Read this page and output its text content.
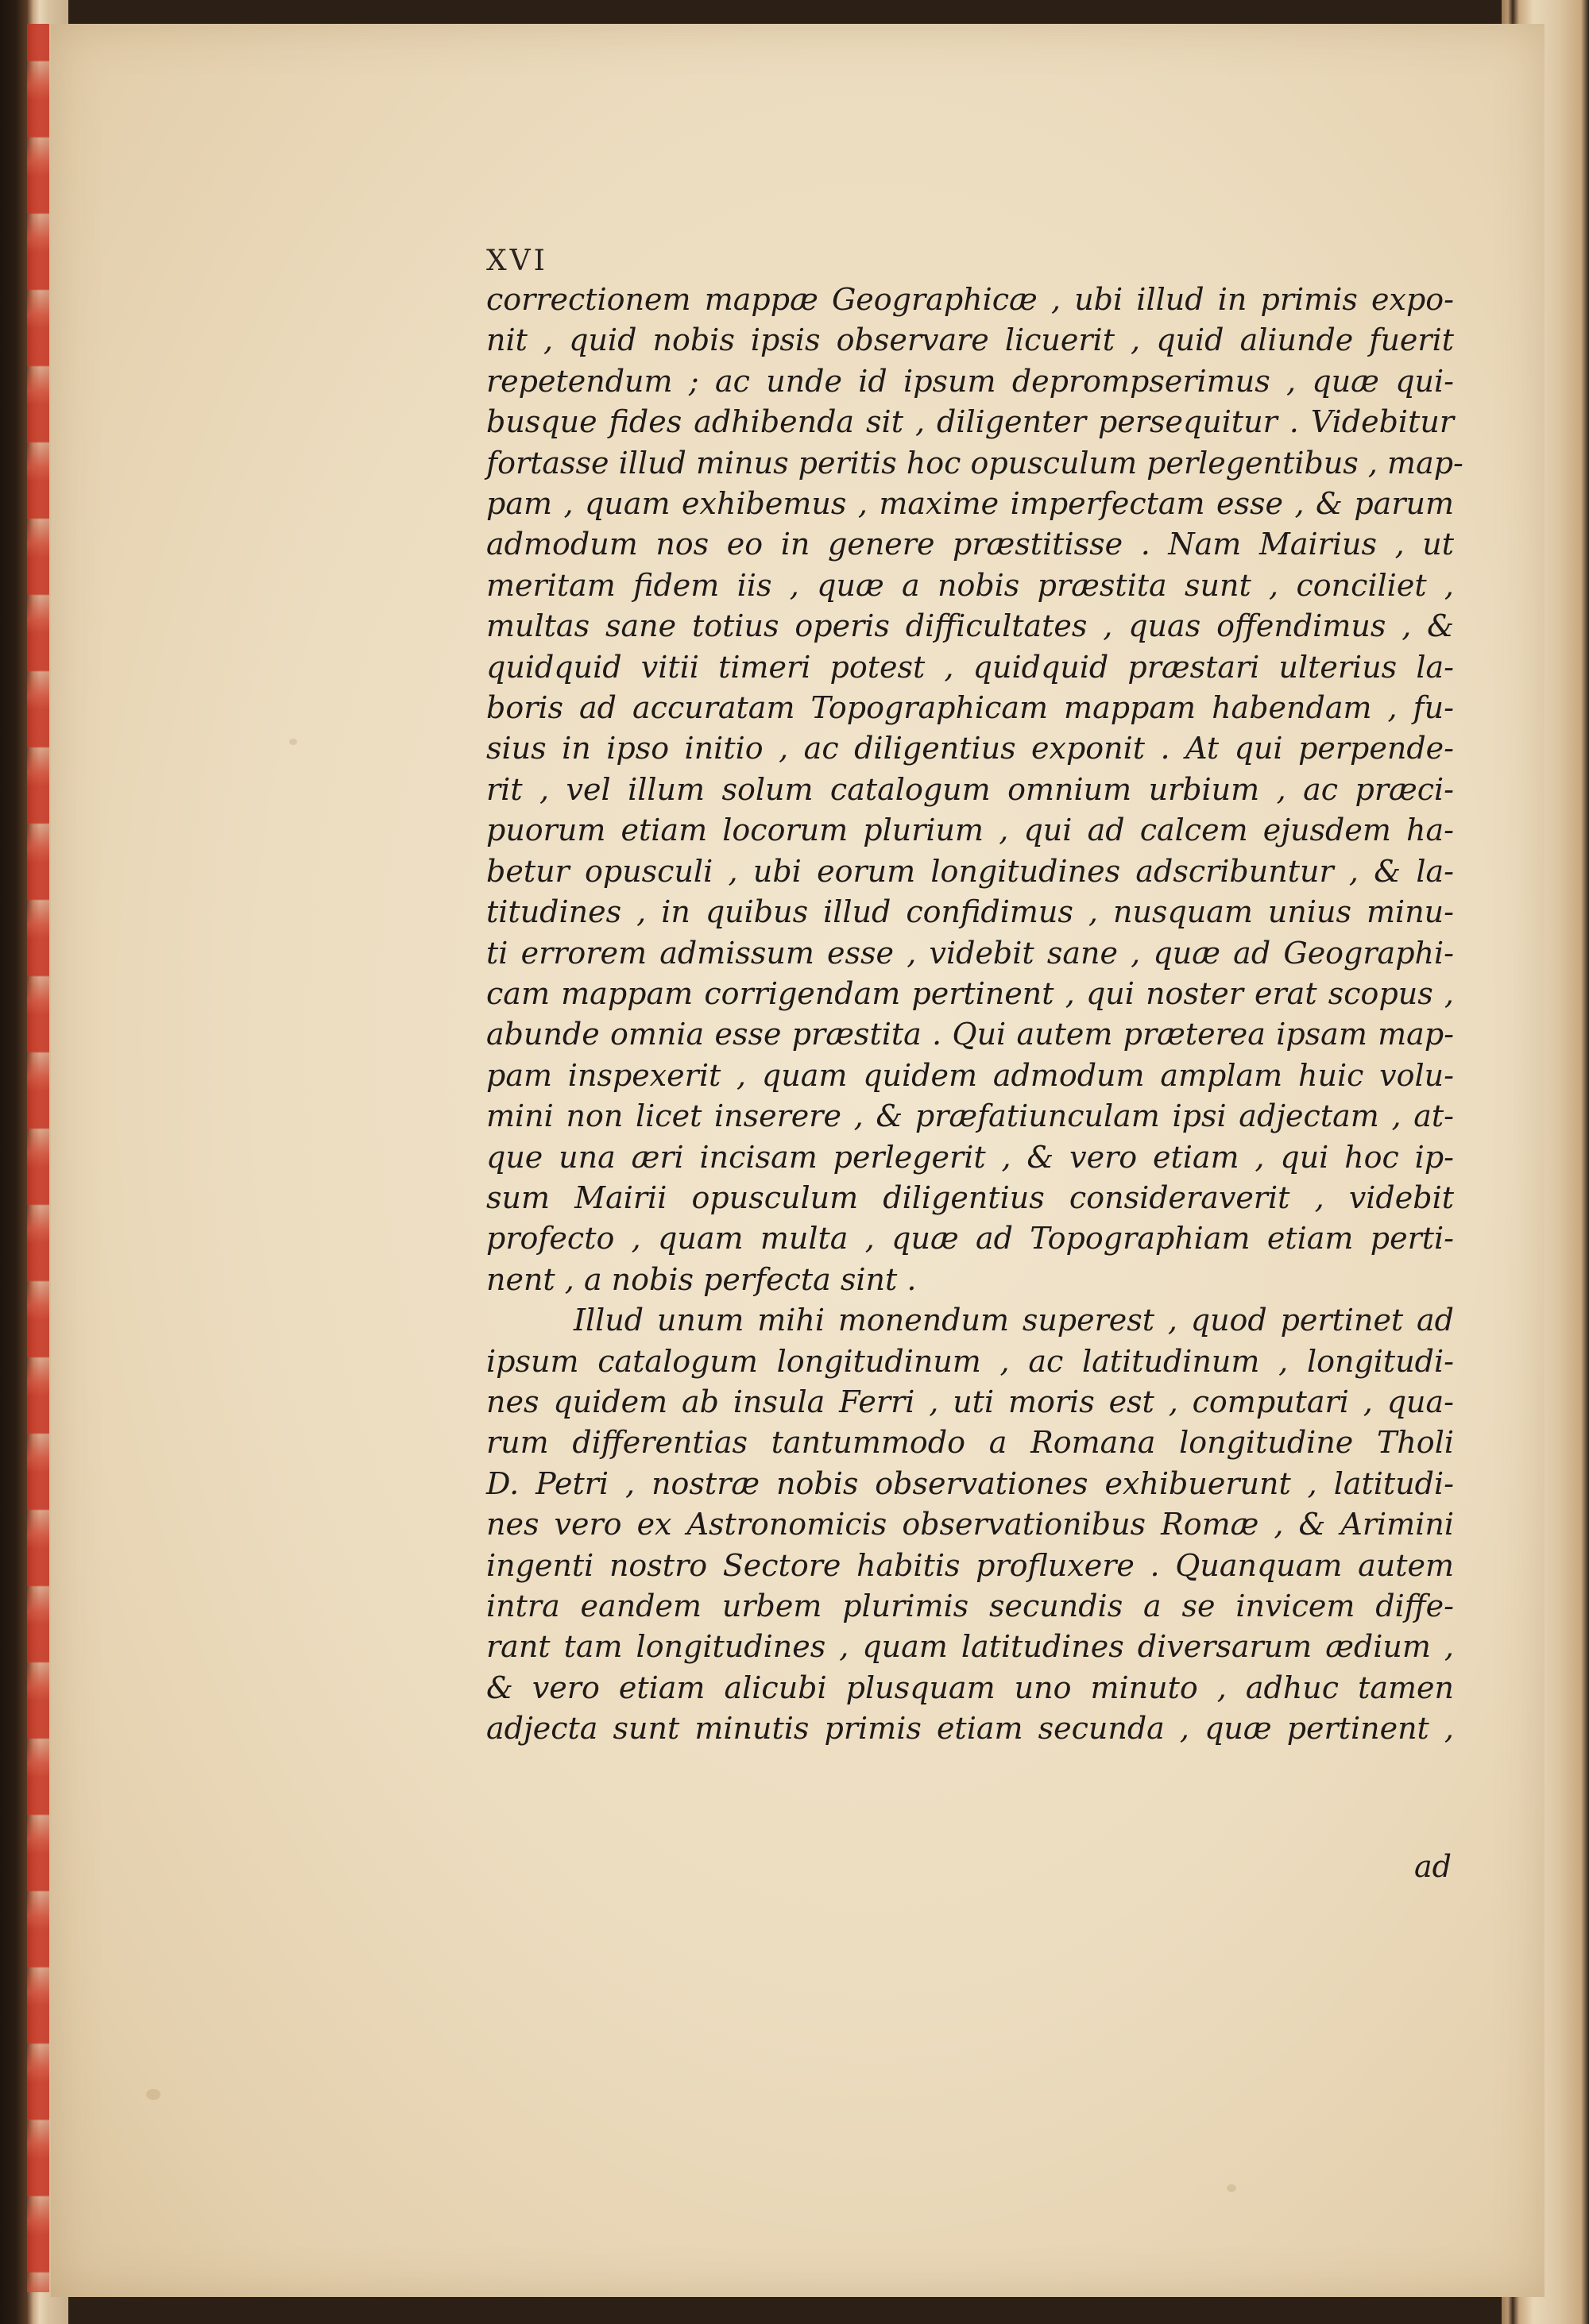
XVI
correctionem mappæ Geographicæ , ubi illud in primis expo-
nit , quid nobis ipsis observare licuerit , quid aliunde fuerit
repetendum ; ac unde id ipsum deprompserimus , quæ qui-
busque fides adhibenda sit , diligenter persequitur . Videbitur
fortasse illud minus peritis hoc opusculum perlegentibus , map-
pam , quam exhibemus , maxime imperfectam esse , & parum
admodum nos eo in genere præstitisse . Nam Mairius , ut
meritam fidem iis , quæ a nobis præstita sunt , conciliet ,
multas sane totius operis difficultates , quas offendimus , &
quidquid vitii timeri potest , quidquid præstari ulterius la-
boris ad accuratam Topographicam mappam habendam , fu-
sius in ipso initio , ac diligentius exponit . At qui perpende-
rit , vel illum solum catalogum omnium urbium , ac præci-
puorum etiam locorum plurium , qui ad calcem ejusdem ha-
betur opusculi , ubi eorum longitudines adscribuntur , & la-
titudines , in quibus illud confidimus , nusquam unius minu-
ti errorem admissum esse , videbit sane , quæ ad Geographi-
cam mappam corrigendam pertinent , qui noster erat scopus ,
abunde omnia esse præstita . Qui autem præterea ipsam map-
pam inspexerit , quam quidem admodum amplam huic volu-
mini non licet inserere , & præfatiunculam ipsi adjectam , at-
que una æri incisam perlegerit , & vero etiam , qui hoc ip-
sum Mairii opusculum diligentius consideraverit , videbit
profecto , quam multa , quæ ad Topographiam etiam perti-
nent , a nobis perfecta sint .
Illud unum mihi monendum superest , quod pertinet ad
ipsum catalogum longitudinum , ac latitudinum , longitudi-
nes quidem ab insula Ferri , uti moris est , computari , qua-
rum differentias tantummodo a Romana longitudine Tholi
D. Petri , nostræ nobis observationes exhibuerunt , latitudi-
nes vero ex Astronomicis observationibus Romæ , & Arimini
ingenti nostro Sectore habitis profluxere . Quanquam autem
intra eandem urbem plurimis secundis a se invicem diffe-
rant tam longitudines , quam latitudines diversarum ædium ,
& vero etiam alicubi plusquam uno minuto , adhuc tamen
adjecta sunt minutis primis etiam secunda , quæ pertinent ,
ad
